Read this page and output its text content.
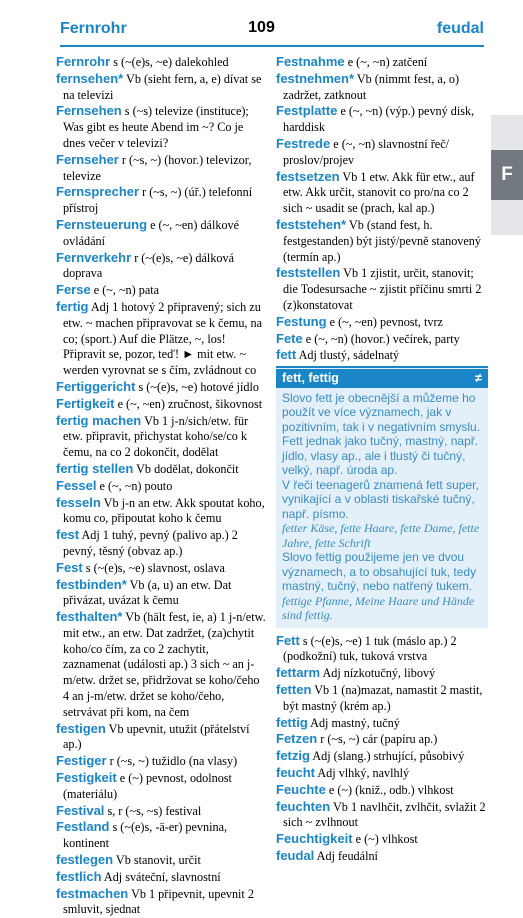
Fernrohr	109	feudal
F

Fernrohr s (~(e)s, ~e) dalekohled

fernsehen* Vb (sieht fern, a, e) dívat se na televizi

Fernsehen s (~s) televize (instituce); Was gibt es heute Abend im ~? Co je dnes večer v televizi?

Fernseher r (~s, ~) (hovor.) televizor, televize

Fernsprecher r (~s, ~) (úř.) telefonní přístroj

Fernsteuerung e (~, ~en) dálkové ovládání

Fernverkehr r (~(e)s, ~e) dálková doprava

Ferse e (~, ~n) pata

fertig Adj 1 hotový 2 připravený; sich zu etw. ~ machen připravovat se k čemu, na co; (sport.) Auf die Plätze, ~, los! Připravit se, pozor, teď! ► mit etw. ~ werden vyrovnat se s čím, zvládnout co

Fertiggericht s (~(e)s, ~e) hotové jídlo

Fertigkeit e (~, ~en) zručnost, šikovnost

fertig machen Vb 1 j-n/sich/etw. für etw. připravit, přichystat koho/se/co k čemu, na co 2 dokončit, dodělat

fertig stellen Vb dodělat, dokončit

Fessel e (~, ~n) pouto

fesseln Vb j-n an etw. Akk spoutat koho, komu co, připoutat koho k čemu

fest Adj 1 tuhý, pevný (palivo ap.) 2 pevný, těsný (obvaz ap.)

Fest s (~(e)s, ~e) slavnost, oslava

festbinden* Vb (a, u) an etw. Dat přivázat, uvázat k čemu

festhalten* Vb (hält fest, ie, a) 1 j-n/etw. mit etw., an etw. Dat zadržet, (za)chytit koho/co čím, za co 2 zachytit, zaznamenat (události ap.) 3 sich ~ an j-m/etw. držet se, přidržovat se koho/čeho 4 an j-m/etw. držet se koho/čeho, setrvávat při kom, na čem

festigen Vb upevnit, utužit (přátelství ap.)

Festiger r (~s, ~) tužidlo (na vlasy)

Festigkeit e (~) pevnost, odolnost (materiálu)

Festival s, r (~s, ~s) festival

Festland s (~(e)s, -ä-er) pevnina, kontinent

festlegen Vb stanovit, určit

festlich Adj sváteční, slavnostní

festmachen Vb 1 připevnit, upevnit 2 smluvit, sjednat

Festnahme e (~, ~n) zatčení

festnehmen* Vb (nimmt fest, a, o) zadržet, zatknout

Festplatte e (~, ~n) (výp.) pevný disk, harddisk

Festrede e (~, ~n) slavnostní řeč/ proslov/projev

festsetzen Vb 1 etw. Akk für etw., auf etw. Akk určit, stanovit co pro/na co 2 sich ~ usadit se (prach, kal ap.)

feststehen* Vb (stand fest, h. festgestanden) být jistý/pevně stanovený (termín ap.)

feststellen Vb 1 zjistit, určit, stanovit; die Todesursache ~ zjistit příčinu smrti 2 (z)konstatovat

Festung e (~, ~en) pevnost, tvrz

Fete e (~, ~n) (hovor.) večírek, party

fett Adj tlustý, sádelnatý

fett, fettig	≠
Slovo fett je obecnější a můžeme ho použít ve více významech, jak v pozitivním, tak i v negativním smyslu. Fett jednak jako tučný, mastný, např. jídlo, vlasy ap., ale i tlustý či tučný, velký, např. úroda ap.
V řeči teenagerů znamená fett super, vynikající a v oblasti tiskařské tučný, např. písmo.
fetter Käse, fette Haare, fette Dame, fette Jahre, fette Schrift
Slovo fettig použijeme jen ve dvou významech, a to obsahující tuk, tedy mastný, tučný, nebo natřený tukem.
fettige Pfanne, Meine Haare und Hände sind fettig.

Fett s (~(e)s, ~e) 1 tuk (máslo ap.) 2 (podkožní) tuk, tuková vrstva

fettarm Adj nízkotučný, libový

fetten Vb 1 (na)mazat, namastit 2 mastit, být mastný (krém ap.)

fettig Adj mastný, tučný

Fetzen r (~s, ~) cár (papíru ap.)

fetzig Adj (slang.) strhující, působivý

feucht Adj vlhký, navlhlý

Feuchte e (~) (kniž., odb.) vlhkost

feuchten Vb 1 navlhčit, zvlhčit, svlažit 2 sich ~ zvlhnout

Feuchtigkeit e (~) vlhkost

feudal Adj feudální
